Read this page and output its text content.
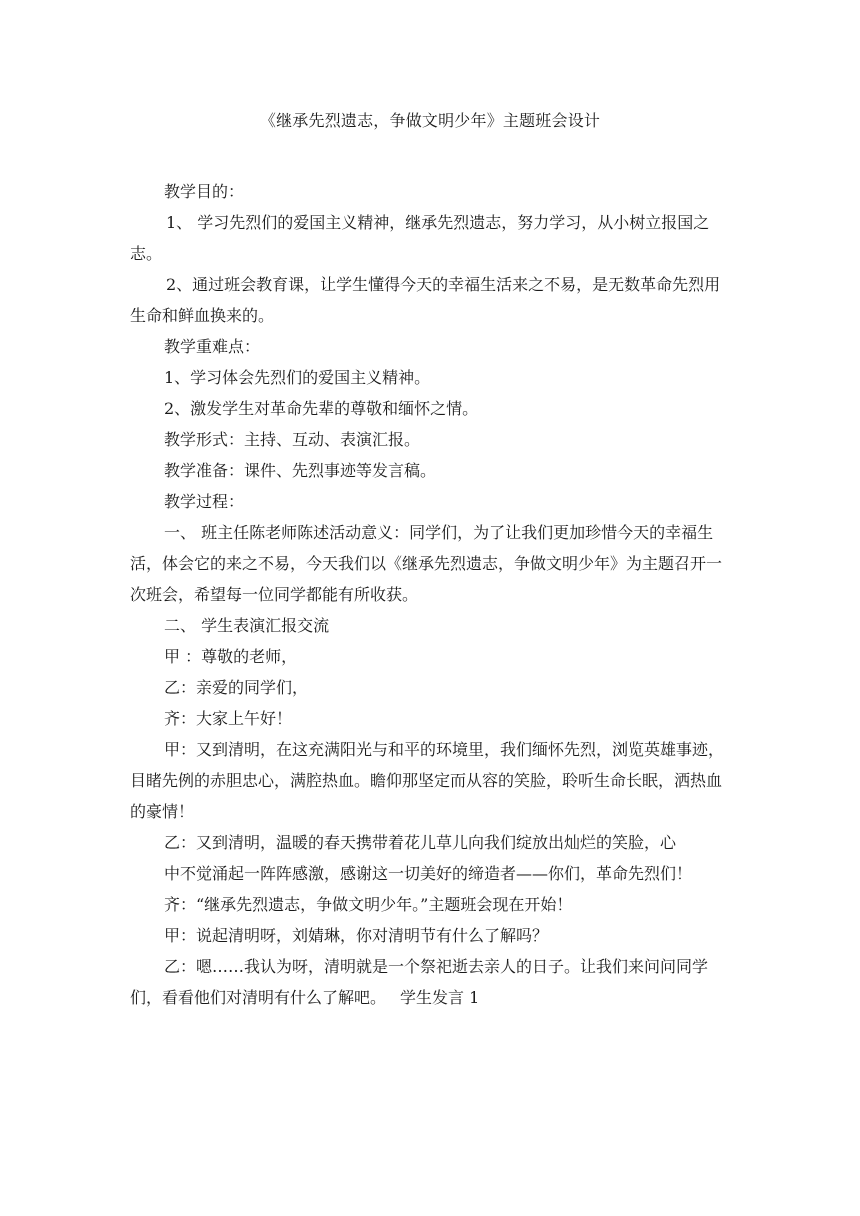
《继承先烈遗志，争做文明少年》主题班会设计

教学目的：

1、 学习先烈们的爱国主义精神，继承先烈遗志，努力学习，从小树立报国之志。

2、通过班会教育课，让学生懂得今天的幸福生活来之不易，是无数革命先烈用生命和鲜血换来的。

教学重难点：

1、学习体会先烈们的爱国主义精神。

2、激发学生对革命先辈的尊敬和缅怀之情。

教学形式：主持、互动、表演汇报。

教学准备：课件、先烈事迹等发言稿。

教学过程：

一、 班主任陈老师陈述活动意义：同学们，为了让我们更加珍惜今天的幸福生活，体会它的来之不易，今天我们以《继承先烈遗志，争做文明少年》为主题召开一次班会，希望每一位同学都能有所收获。

二、 学生表演汇报交流

甲 ：尊敬的老师，

乙：亲爱的同学们，

齐：大家上午好！

甲：又到清明，在这充满阳光与和平的环境里，我们缅怀先烈，浏览英雄事迹，目睹先例的赤胆忠心，满腔热血。瞻仰那坚定而从容的笑脸，聆听生命长眠，洒热血的豪情！

乙：又到清明，温暖的春天携带着花儿草儿向我们绽放出灿烂的笑脸，心

中不觉涌起一阵阵感激，感谢这一切美好的缔造者——你们，革命先烈们！

齐：“继承先烈遗志，争做文明少年。”主题班会现在开始！

甲：说起清明呀，刘婧琳，你对清明节有什么了解吗？

乙：嗯……我认为呀，清明就是一个祭祀逝去亲人的日子。让我们来问问同学们，看看他们对清明有什么了解吧。 学生发言 1
